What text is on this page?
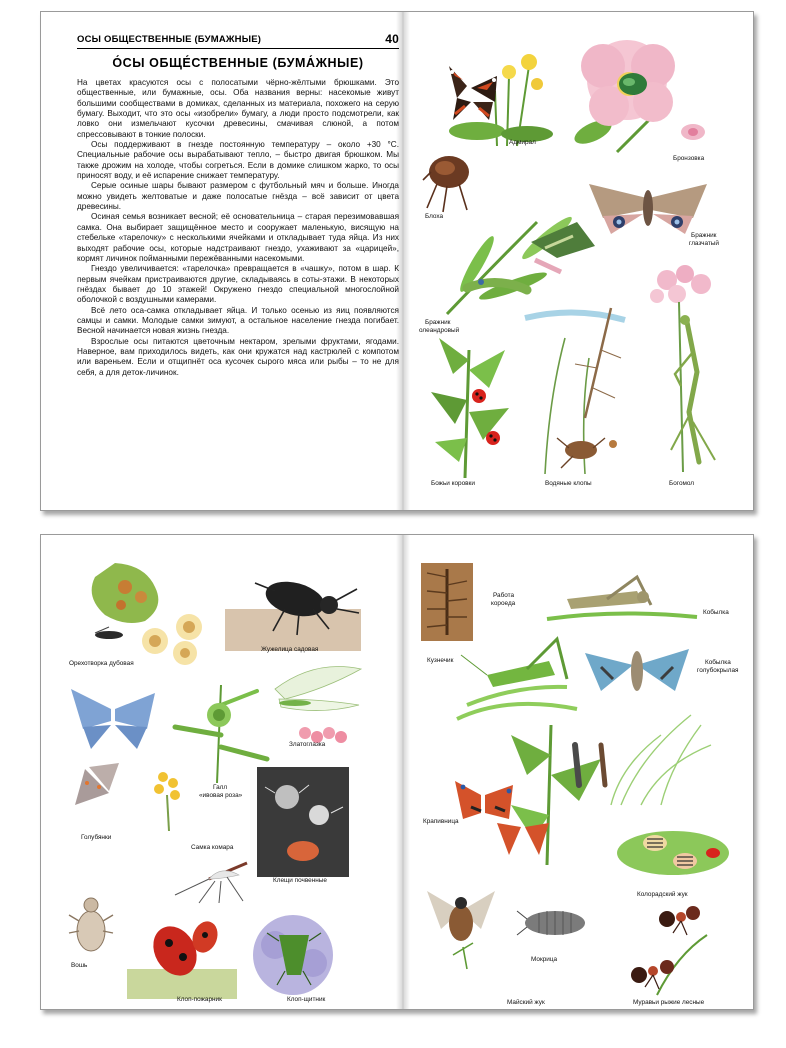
ОСЫ ОБЩЕСТВЕННЫЕ (БУМАЖНЫЕ)	40
О́СЫ ОБЩЕ́СТВЕННЫЕ (БУМА́ЖНЫЕ)

На цветах красуются осы с полосатыми чёрно-жёлтыми брюшками. Это общественные, или бумажные, осы. Оба названия верны: насекомые живут большими сообществами в домиках, сделанных из материала, похожего на серую бумагу. Выходит, что это осы «изобрели» бумагу, а люди просто подсмотрели, как ловко они измельчают кусочки древесины, смачивая слюной, а потом спрессовывают в тонкие полоски.

Осы поддерживают в гнезде постоянную температуру – около +30 °С. Специальные рабочие осы вырабатывают тепло, – быстро двигая брюшком. Мы также дрожим на холоде, чтобы согреться. Если в домике слишком жарко, то осы приносят воду, и её испарение снижает температуру.

Серые осиные шары бывают размером с футбольный мяч и больше. Иногда можно увидеть желтоватые и даже полосатые гнёзда – всё зависит от цвета древесины.

Осиная семья возникает весной; её основательница – старая перезимовавшая самка. Она выбирает защищённое место и сооружает маленькую, висящую на стебельке «тарелочку» с несколькими ячейками и откладывает туда яйца. Из них выходят рабочие осы, которые надстраивают гнездо, ухаживают за «царицей», кормят личинок пойманными пережёванными насекомыми.

Гнездо увеличивается: «тарелочка» превращается в «чашку», потом в шар. К первым ячейкам пристраиваются другие, складываясь в соты-этажи. В некоторых гнёздах бывает до 10 этажей! Окружено гнездо специальной многослойной оболочкой с воздушными камерами.

Всё лето оса-самка откладывает яйца. И только осенью из яиц появляются самцы и самки. Молодые самки зимуют, а остальное население гнезда погибает. Весной начинается новая жизнь гнезда.

Взрослые осы питаются цветочным нектаром, зрелыми фруктами, ягодами. Наверное, вам приходилось видеть, как они кружатся над кастрюлей с компотом или вареньем. Если и отщипнёт оса кусочек сырого мяса или рыбы – то не для себя, а для деток-личинок.

Адмирал
Бронзовка
Блоха
Бражник
глазчатый
Бражник
олеандровый
Божьи коровки	Водяные клопы	Богомол
Орехотворка дубовая
Жужелица садовая
Златоглазка
Галл
«ивовая роза»
Голубянки
Клещи почвенные
Самка комара
Вошь
Клоп-пожарник	Клоп-щитник
Работа
короеда
Кобылка
Кузнечик	Кобылка
голубокрылая
Крапивница
Колорадский жук
Майский жук
Мокрица
Муравьи рыжие лесные
